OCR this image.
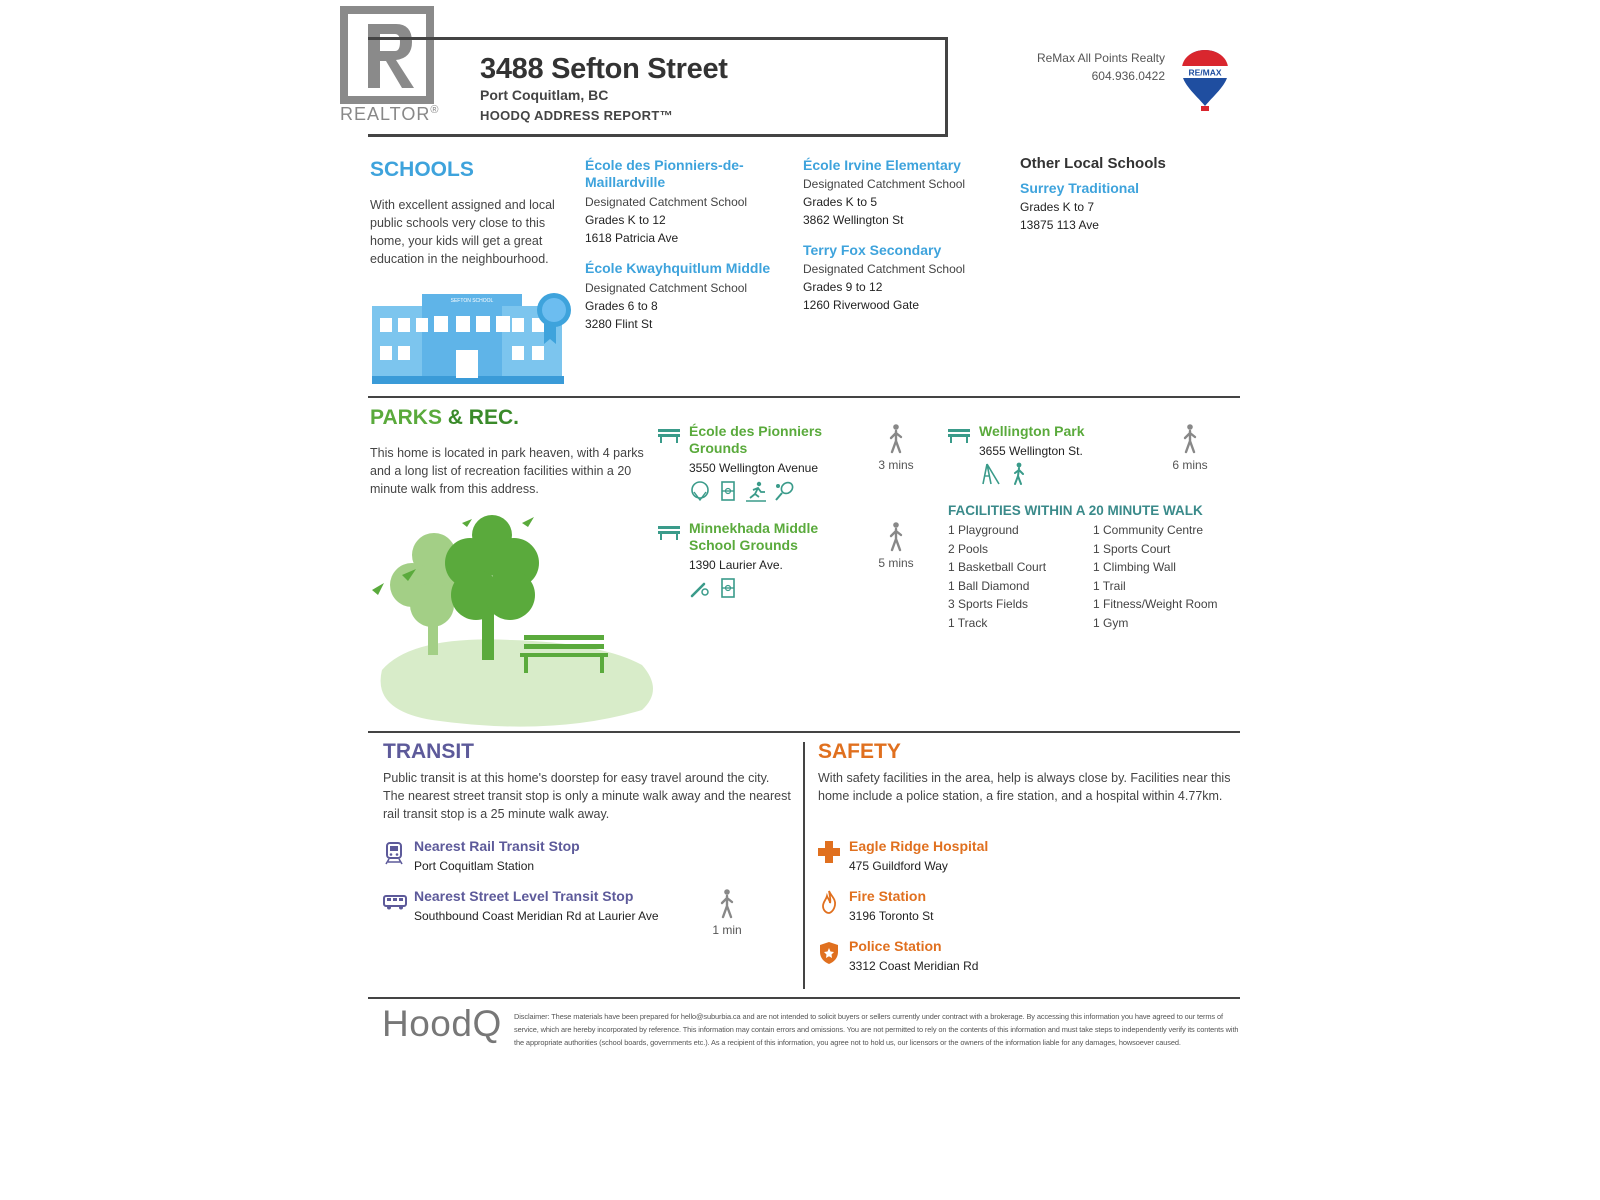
REALTOR®
3488 Sefton Street
Port Coquitlam, BC
HOODQ ADDRESS REPORT™
ReMax All Points Realty
604.936.0422	RE/MAX
SCHOOLS
With excellent assigned and local public schools very close to this home, your kids will get a great education in the neighbourhood.
SEFTON SCHOOL
École des Pionniers-de-Maillardville
Designated Catchment School
Grades K to 12
1618 Patricia Ave
École Kwayhquitlum Middle
Designated Catchment School
Grades 6 to 8
3280 Flint St
École Irvine Elementary
Designated Catchment School
Grades K to 5
3862 Wellington St
Terry Fox Secondary
Designated Catchment School
Grades 9 to 12
1260 Riverwood Gate
Other Local Schools
Surrey Traditional
Grades K to 7
13875 113 Ave
PARKS & REC.
This home is located in park heaven, with 4 parks and a long list of recreation facilities within a 20 minute walk from this address.
École des Pionniers Grounds
3550 Wellington Avenue	3 mins
Minnekhada Middle School Grounds
1390 Laurier Ave.	5 mins
Wellington Park
3655 Wellington St.
6 mins
FACILITIES WITHIN A 20 MINUTE WALK
1 Playground
2 Pools
1 Basketball Court
1 Ball Diamond
3 Sports Fields
1 Track
1 Community Centre
1 Sports Court
1 Climbing Wall
1 Trail
1 Fitness/Weight Room
1 Gym
TRANSIT
Public transit is at this home's doorstep for easy travel around the city. The nearest street transit stop is only a minute walk away and the nearest rail transit stop is a 25 minute walk away.
Nearest Rail Transit Stop
Port Coquitlam Station
Nearest Street Level Transit Stop
Southbound Coast Meridian Rd at Laurier Ave
1 min
SAFETY
With safety facilities in the area, help is always close by. Facilities near this home include a police station, a fire station, and a hospital within 4.77km.
Eagle Ridge Hospital
475 Guildford Way
Fire Station
3196 Toronto St
Police Station
3312 Coast Meridian Rd
HoodQ Disclaimer: These materials have been prepared for hello@suburbia.ca and are not intended to solicit buyers or sellers currently under contract with a brokerage. By accessing this information you have agreed to our terms of service, which are hereby incorporated by reference. This information may contain errors and omissions. You are not permitted to rely on the contents of this information and must take steps to independently verify its contents with the appropriate authorities (school boards, governments etc.). As a recipient of this information, you agree not to hold us, our licensors or the owners of the information liable for any damages, howsoever caused.
